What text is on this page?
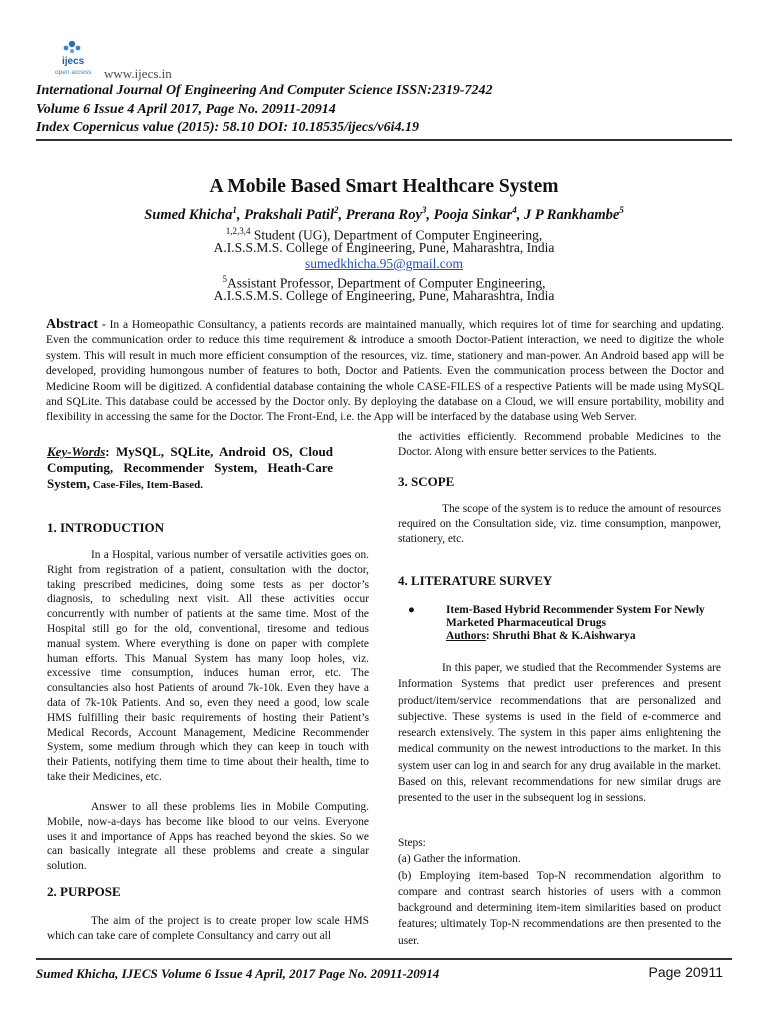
ijecs
open access www.ijecs.in
International Journal Of Engineering And Computer Science ISSN:2319-7242
Volume 6 Issue 4 April 2017, Page No. 20911-20914
Index Copernicus value (2015): 58.10 DOI: 10.18535/ijecs/v6i4.19
A Mobile Based Smart Healthcare System
Sumed Khicha$^1$, Prakshali Patil$^2$, Prerana Roy$^3$, Pooja Sinkar$^4$, J P Rankhambe$^5$
$^{1,2,3,4}$ Student (UG), Department of Computer Engineering,
A.I.S.S.M.S. College of Engineering, Pune, Maharashtra, India
sumedkhicha.95@gmail.com
$^5$Assistant Professor, Department of Computer Engineering,
A.I.S.S.M.S. College of Engineering, Pune, Maharashtra, India
Abstract - In a Homeopathic Consultancy, a patients records are maintained manually, which requires lot of time for searching and updating. Even the communication order to reduce this time requirement & introduce a smooth Doctor-Patient interaction, we need to digitize the whole system. This will result in much more efficient consumption of the resources, viz. time, stationery and man-power. An Android based app will be developed, providing humongous number of features to both, Doctor and Patients. Even the communication process between the Doctor and Medicine Room will be digitized. A confidential database containing the whole CASE-FILES of a respective Patients will be made using MySQL and SQLite. This database could be accessed by the Doctor only. By deploying the database on a Cloud, we will ensure portability, mobility and flexibility in accessing the same for the Doctor. The Front-End, i.e. the App will be interfaced by the database using Web Server.
Key-Words: MySQL, SQLite, Android OS, Cloud Computing, Recommender System, Heath-Care System, Case-Files, Item-Based.
1. INTRODUCTION

In a Hospital, various number of versatile activities goes on. Right from registration of a patient, consultation with the doctor, taking prescribed medicines, doing some tests as per doctor’s diagnosis, to scheduling next visit. All these activities occur concurrently with number of patients at the same time. Most of the Hospital still go for the old, conventional, tiresome and tedious manual system. Where everything is done on paper with complete human efforts. This Manual System has many loop holes, viz. excessive time consumption, induces human error, etc. The consultancies also host Patients of around 7k-10k. Even they have a data of 7k-10k Patients. And so, even they need a good, low scale HMS fulfilling their basic requirements of hosting their Patient’s Medical Records, Account Management, Medicine Recommender System, some medium through which they can keep in touch with their Patients, notifying them time to time about their health, time to take their Medicines, etc.

Answer to all these problems lies in Mobile Computing. Mobile, now-a-days has become like blood to our veins. Everyone uses it and importance of Apps has reached beyond the skies. So we can basically integrate all these problems and create a singular solution.

2. PURPOSE

The aim of the project is to create proper low scale HMS which can take care of complete Consultancy and carry out all

the activities efficiently. Recommend probable Medicines to the Doctor. Along with ensure better services to the Patients.
3. SCOPE

The scope of the system is to reduce the amount of resources required on the Consultation side, viz. time consumption, manpower, stationery, etc.

4. LITERATURE SURVEY
●	Item-Based Hybrid Recommender System For Newly Marketed Pharmaceutical Drugs
Authors: Shruthi Bhat & K.Aishwarya

In this paper, we studied that the Recommender Systems are Information Systems that predict user preferences and present product/item/service recommendations that are personalized and subjective. These systems is used in the field of e-commerce and research extensively. The system in this paper aims enlightening the medical community on the newest introductions to the market. In this system user can log in and search for any drug available in the market. Based on this, relevant recommendations for new similar drugs are presented to the user in the subsequent log in sessions.

Steps:
(a) Gather the information.
(b) Employing item-based Top-N recommendation algorithm to compare and contrast search histories of users with a common background and determining item-item similarities based on product features; ultimately Top-N recommendations are then presented to the user.
Sumed Khicha, IJECS Volume 6 Issue 4 April, 2017 Page No. 20911-20914	Page 20911
